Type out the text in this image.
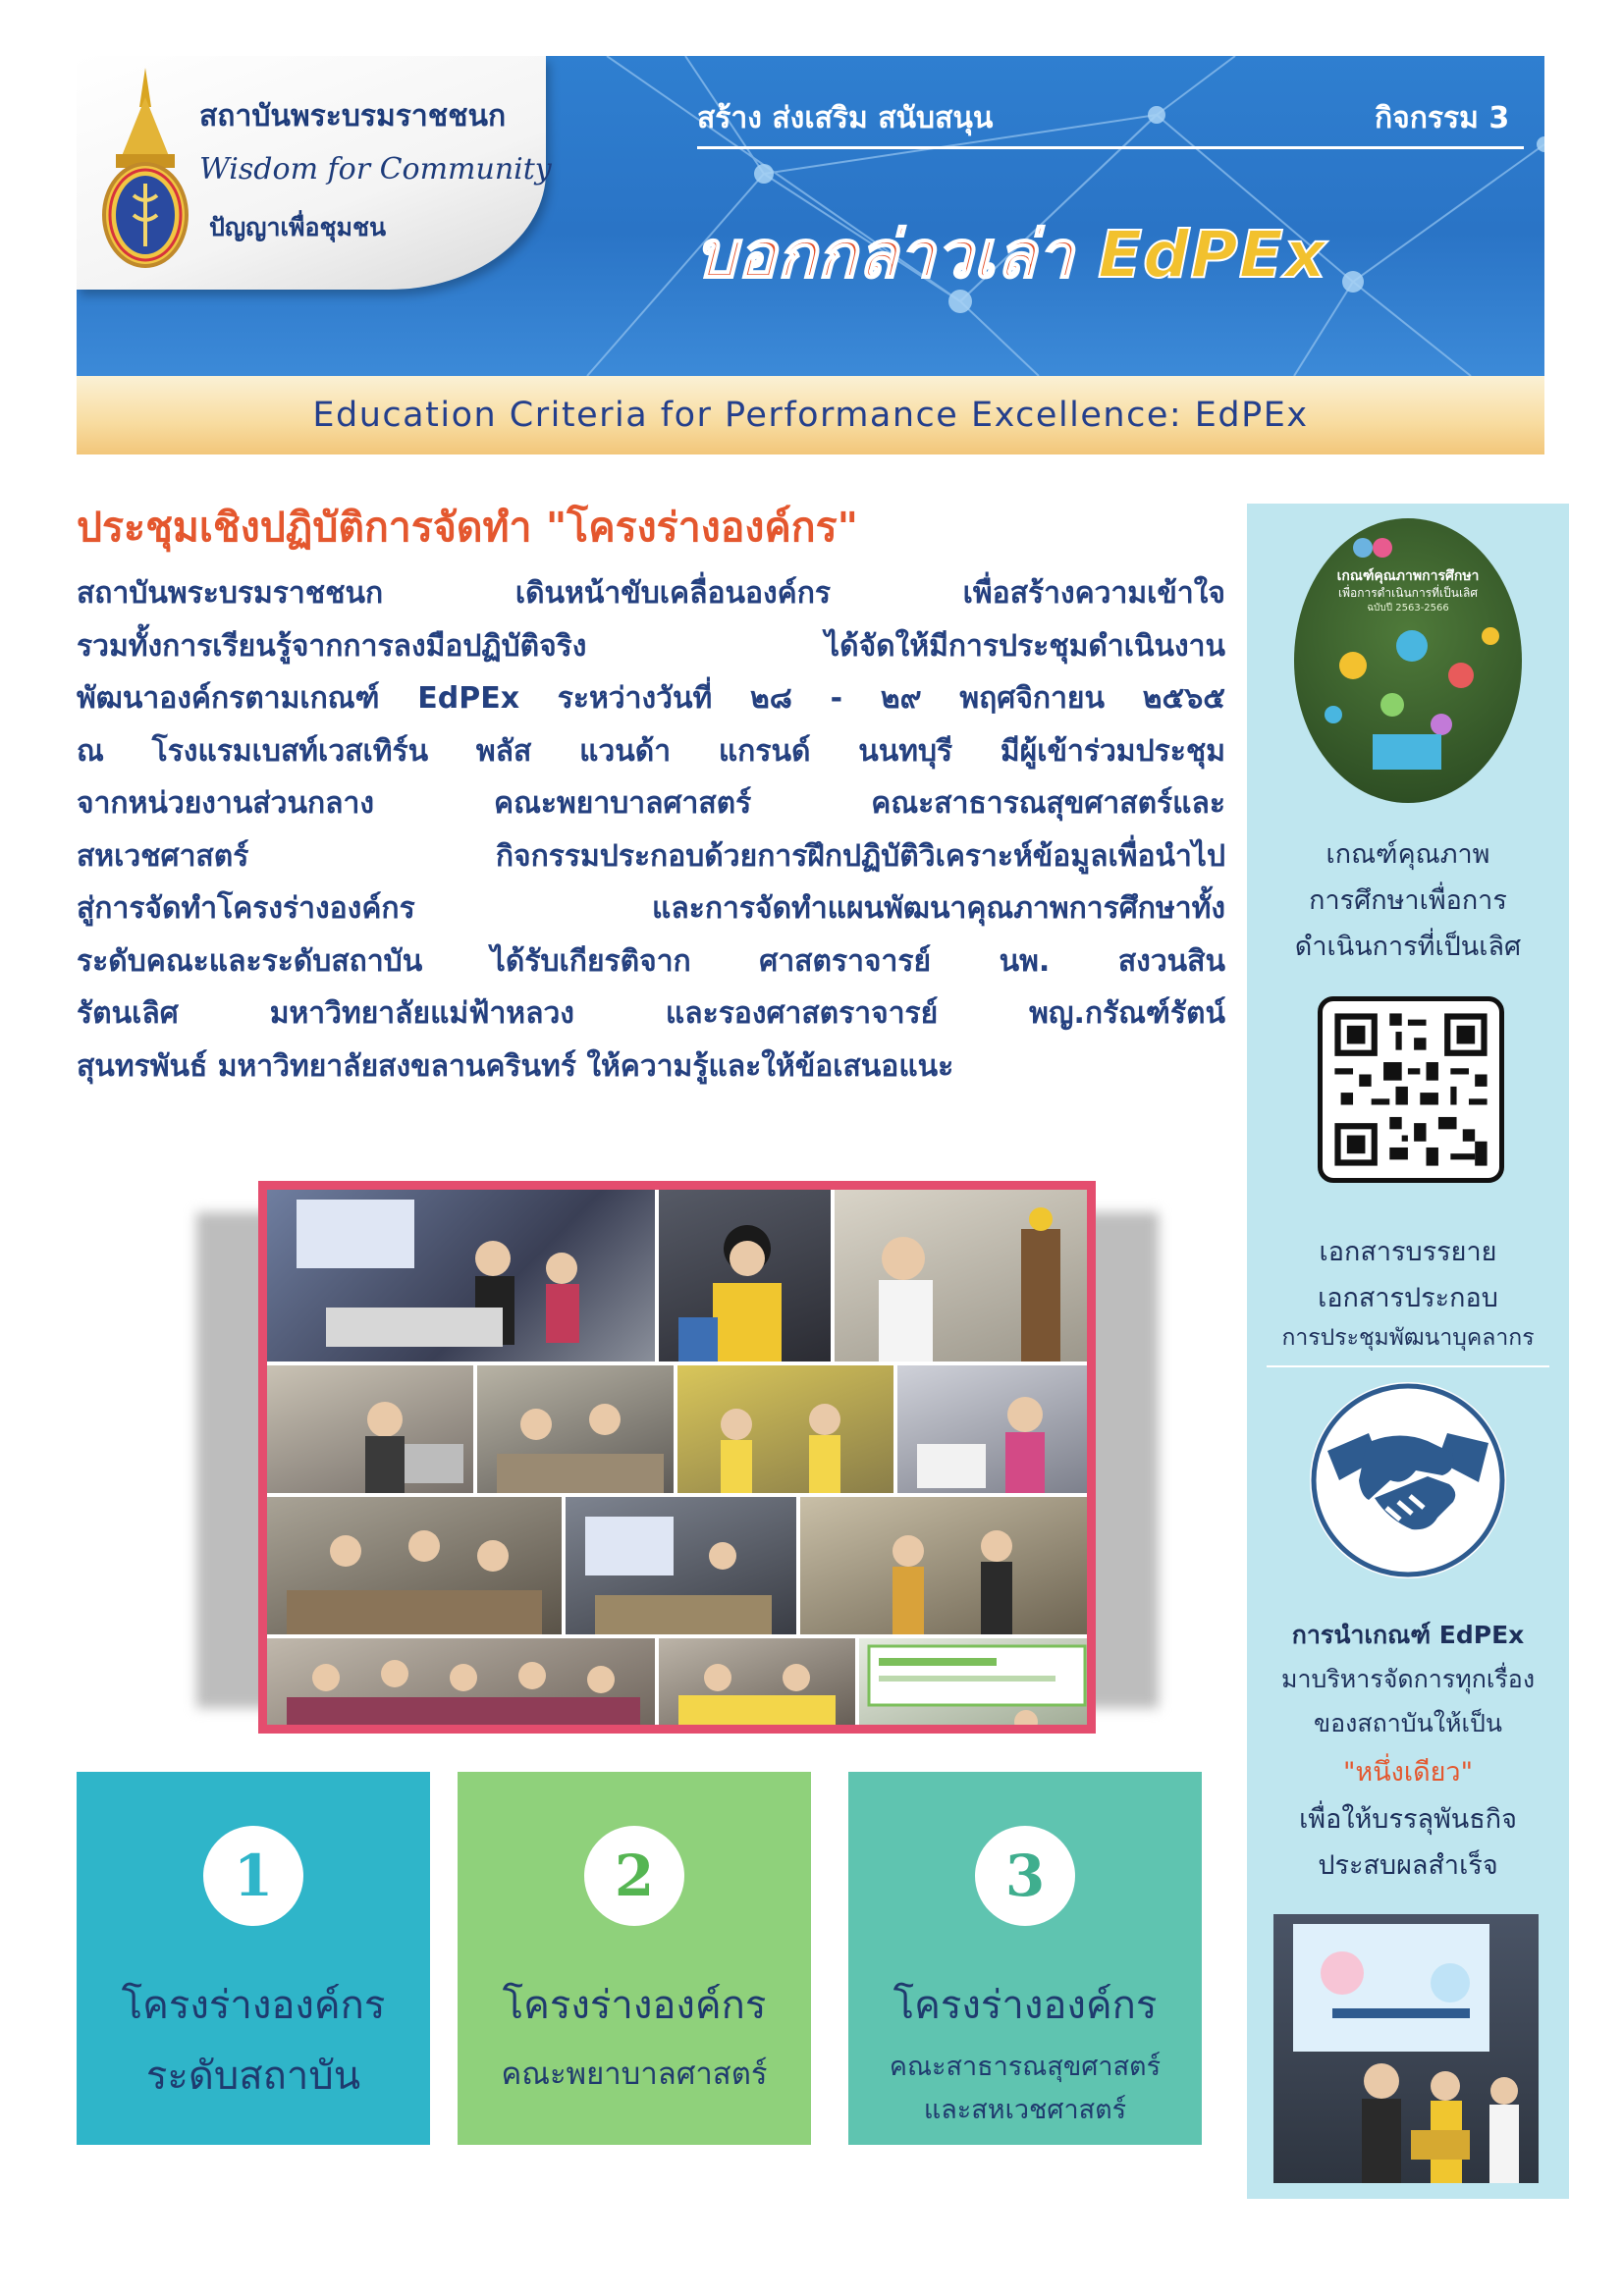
สถาบันพระบรมราชชนก
Wisdom for Community
ปัญญาเพื่อชุมชน
สร้าง ส่งเสริม สนับสนุน	กิจกรรม 3
บอกกล่าวเล่า EdPEx
Education Criteria for Performance Excellence: EdPEx
ประชุมเชิงปฏิบัติการจัดทำ "โครงร่างองค์กร"
สถาบันพระบรมราชชนก เดินหน้าขับเคลื่อนองค์กร เพื่อสร้างความเข้าใจ
รวมทั้งการเรียนรู้จากการลงมือปฏิบัติจริง ได้จัดให้มีการประชุมดำเนินงาน
พัฒนาองค์กรตามเกณฑ์ EdPEx ระหว่างวันที่ ๒๘ - ๒๙ พฤศจิกายน ๒๕๖๕
ณ โรงแรมเบสท์เวสเทิร์น พลัส แวนด้า แกรนด์ นนทบุรี มีผู้เข้าร่วมประชุม
จากหน่วยงานส่วนกลาง คณะพยาบาลศาสตร์ คณะสาธารณสุขศาสตร์และ
สหเวชศาสตร์ กิจกรรมประกอบด้วยการฝึกปฏิบัติวิเคราะห์ข้อมูลเพื่อนำไป
สู่การจัดทำโครงร่างองค์กร และการจัดทำแผนพัฒนาคุณภาพการศึกษาทั้ง
ระดับคณะและระดับสถาบัน ได้รับเกียรติจาก ศาสตราจารย์ นพ. สงวนสิน
รัตนเลิศ มหาวิทยาลัยแม่ฟ้าหลวง และรองศาสตราจารย์ พญ.กรัณฑ์รัตน์
สุนทรพันธ์ มหาวิทยาลัยสงขลานครินทร์ ให้ความรู้และให้ข้อเสนอแนะ
1
โครงร่างองค์กร
ระดับสถาบัน
2
โครงร่างองค์กร
คณะพยาบาลศาสตร์
3
โครงร่างองค์กร
คณะสาธารณสุขศาสตร์
และสหเวชศาสตร์
เกณฑ์คุณภาพการศึกษา
เพื่อการดำเนินการที่เป็นเลิศ
ฉบับปี 2563-2566
เกณฑ์คุณภาพ
การศึกษาเพื่อการ
ดำเนินการที่เป็นเลิศ
เอกสารบรรยาย
เอกสารประกอบ
การประชุมพัฒนาบุคลากร
การนำเกณฑ์ EdPEx
มาบริหารจัดการทุกเรื่อง
ของสถาบันให้เป็น
"หนึ่งเดียว"
เพื่อให้บรรลุพันธกิจ
ประสบผลสำเร็จ
